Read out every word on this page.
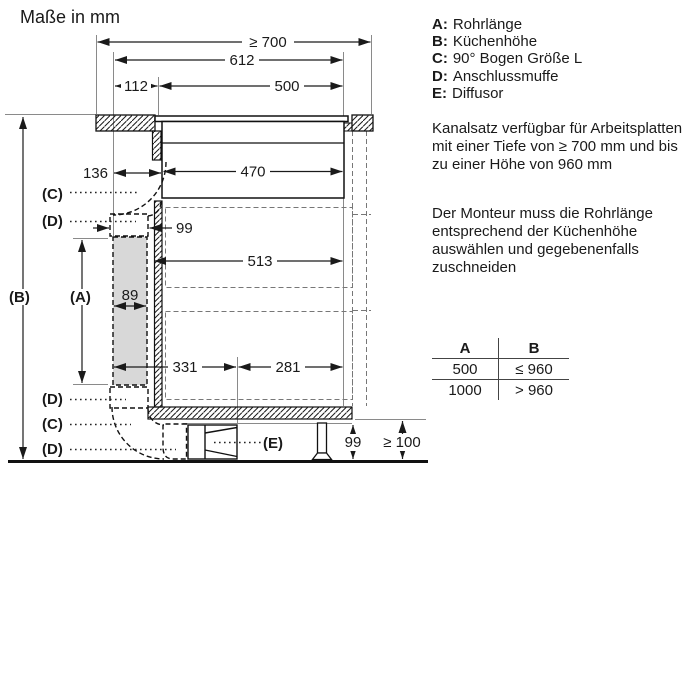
Maße in mm
≥ 700
612
112	500
470
136
99
513
89
331	281
99 ≥ 100
(B)	(A)
(C)
(D)
(D)
(C)
(D)	(E)
A: Rohrlänge
B: Küchenhöhe
C: 90° Bogen Größe L
D: Anschlussmuffe
E: Diffusor
Kanalsatz verfügbar für Arbeitsplatten mit einer Tiefe von ≥ 700 mm und bis zu einer Höhe von 960 mm
Der Monteur muss die Rohrlänge entsprechend der Küchenhöhe auswählen und gegebenenfalls zuschneiden
A	B
500	≤ 960
1000	> 960
